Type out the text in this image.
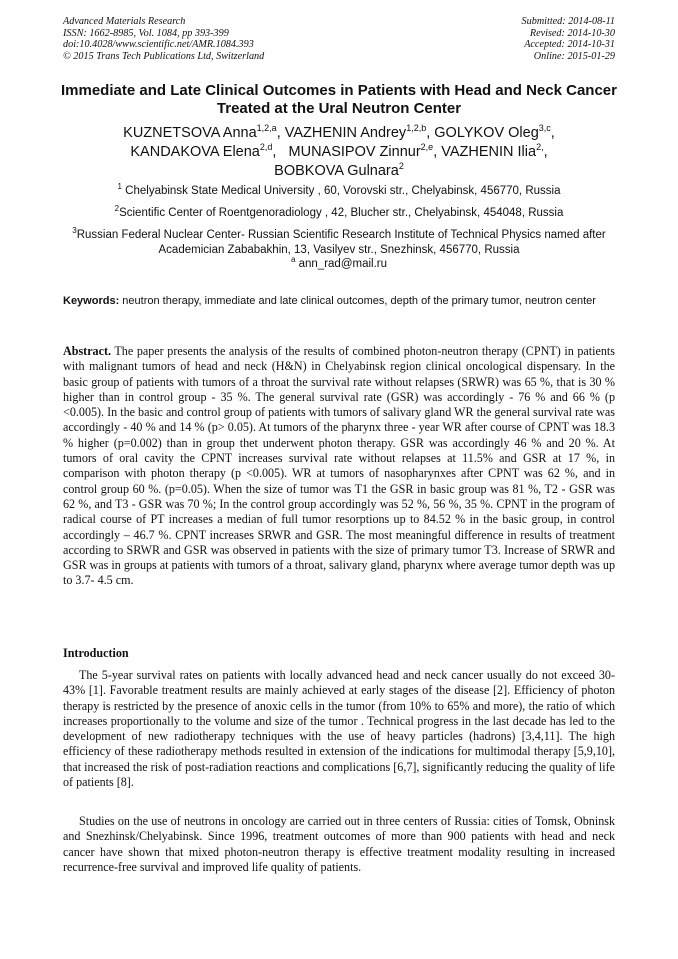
Advanced Materials Research
ISSN: 1662-8985, Vol. 1084, pp 393-399
doi:10.4028/www.scientific.net/AMR.1084.393
© 2015 Trans Tech Publications Ltd, Switzerland
Submitted: 2014-08-11
Revised: 2014-10-30
Accepted: 2014-10-31
Online: 2015-01-29
Immediate and Late Clinical Outcomes in Patients with Head and Neck Cancer Treated at the Ural Neutron Center
KUZNETSOVA Anna$^{1,2,a}$, VAZHENIN Andrey$^{1,2,b}$, GOLYKOV Oleg$^{3,c}$,
KANDAKOVA Elena$^{2,d}$,   MUNASIPOV Zinnur$^{2,e}$, VAZHENIN Ilia$^{2,}$,
BOBKOVA Gulnara$^2$
$^1$ Chelyabinsk State Medical University , 60, Vorovski str., Chelyabinsk, 456770, Russia
$^2$Scientific Center of Roentgenoradiology , 42, Blucher str., Chelyabinsk, 454048, Russia
$^3$Russian Federal Nuclear Center- Russian Scientific Research Institute of Technical Physics named after Academician Zababakhin, 13, Vasilyev str., Snezhinsk, 456770, Russia
$^a$ ann_rad@mail.ru
Keywords: neutron therapy, immediate and late clinical outcomes, depth of the primary tumor, neutron center
Abstract. The paper presents the analysis of the results of combined photon-neutron therapy (CPNT) in patients with malignant tumors of head and neck (H&N) in Chelyabinsk region clinical oncological dispensary. In the basic group of patients with tumors of a throat the survival rate without relapses (SRWR) was 65 %, that is 30 % higher than in control group - 35 %. The general survival rate (GSR) was accordingly - 76 % and 66 % (p <0.005). In the basic and control group of patients with tumors of salivary gland WR the general survival rate was accordingly - 40 % and 14 % (p> 0.05). At tumors of the pharynx three - year WR after course of CPNT was 18.3 % higher (p=0.002) than in group thet underwent photon therapy. GSR was accordingly 46 % and 20 %. At tumors of oral cavity the CPNT increases survival rate without relapses at 11.5% and GSR at 17 %, in comparison with photon therapy (p <0.005). WR at tumors of nasopharynxes after CPNT was 62 %, and in control group 60 %. (p=0.05). When the size of tumor was T1 the GSR in basic group was 81 %, T2 - GSR was 62 %, and T3 - GSR was 70 %; In the control group accordingly was 52 %, 56 %, 35 %. CPNT in the program of radical course of PT increases a median of full tumor resorptions up to 84.52 % in the basic group, in control accordingly – 46.7 %. CPNT increases SRWR and GSR. The most meaningful difference in results of treatment according to SRWR and GSR was observed in patients with the size of primary tumor T3. Increase of SRWR and GSR was in groups at patients with tumors of a throat, salivary gland, pharynx where average tumor depth was up to 3.7- 4.5 cm.
Introduction
The 5-year survival rates on patients with locally advanced head and neck cancer usually do not exceed 30-43% [1]. Favorable treatment results are mainly achieved at early stages of the disease [2]. Efficiency of photon therapy is restricted by the presence of anoxic cells in the tumor (from 10% to 65% and more), the ratio of which increases proportionally to the volume and size of the tumor . Technical progress in the last decade has led to the development of new radiotherapy techniques with the use of heavy particles (hadrons) [3,4,11]. The high efficiency of these radiotherapy methods resulted in extension of the indications for multimodal therapy [5,9,10], that increased the risk of post-radiation reactions and complications [6,7], significantly reducing the quality of life of patients [8].
Studies on the use of neutrons in oncology are carried out in three centers of Russia: cities of Tomsk, Obninsk and Snezhinsk/Chelyabinsk. Since 1996, treatment outcomes of more than 900 patients with head and neck cancer have shown that mixed photon-neutron therapy is effective treatment modality resulting in increased recurrence-free survival and improved life quality of patients.
